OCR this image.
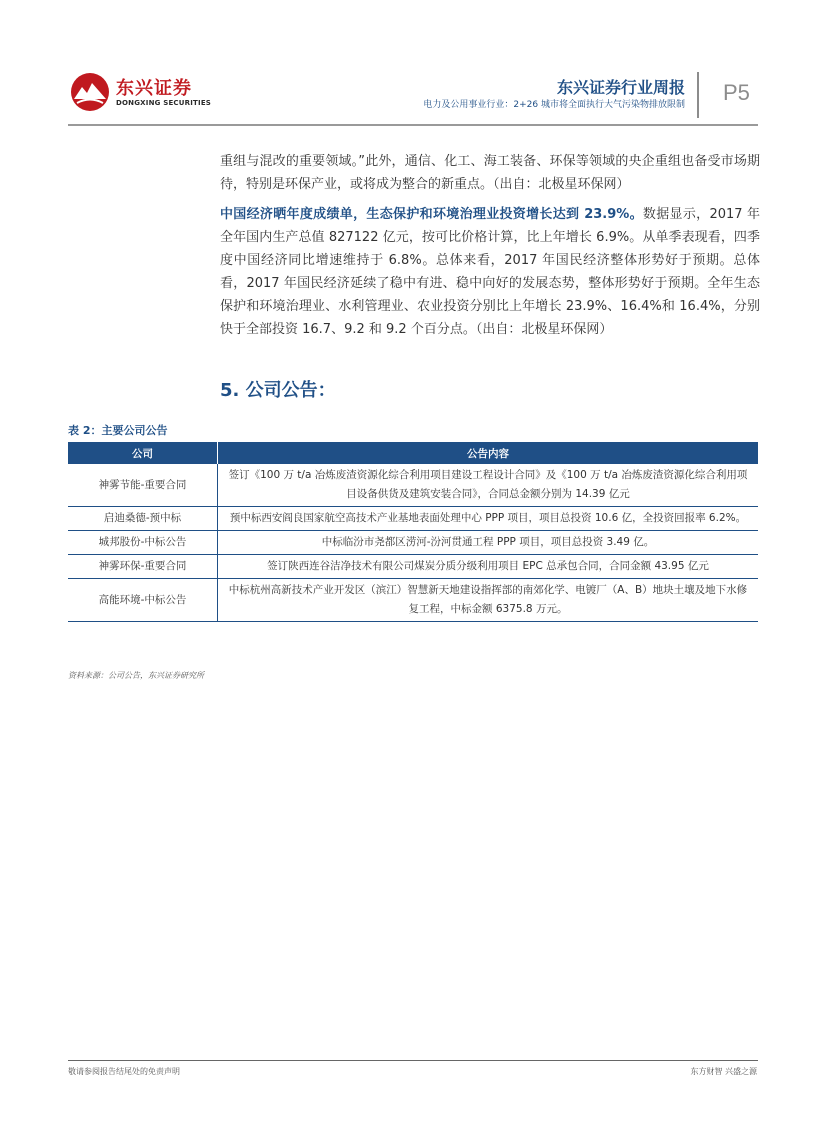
东兴证券
DONGXING SECURITIES
东兴证券行业周报
电力及公用事业行业：2+26 城市将全面执行大气污染物排放限制 P5
重组与混改的重要领域。”此外，通信、化工、海工装备、环保等领域的央企重组也备受市场期待，特别是环保产业，或将成为整合的新重点。（出自：北极星环保网）
中国经济晒年度成绩单，生态保护和环境治理业投资增长达到 23.9%。数据显示，2017 年全年国内生产总值 827122 亿元，按可比价格计算，比上年增长 6.9%。从单季表现看，四季度中国经济同比增速维持于 6.8%。总体来看，2017 年国民经济整体形势好于预期。总体看，2017 年国民经济延续了稳中有进、稳中向好的发展态势，整体形势好于预期。全年生态保护和环境治理业、水利管理业、农业投资分别比上年增长 23.9%、16.4%和 16.4%，分别快于全部投资 16.7、9.2 和 9.2 个百分点。（出自：北极星环保网）
5. 公司公告：
表 2：主要公司公告
公司	公告内容
神雾节能-重要合同	签订《100 万 t/a 冶炼废渣资源化综合利用项目建设工程设计合同》及《100 万 t/a 冶炼废渣资源化综合利用项目设备供货及建筑安装合同》，合同总金额分别为 14.39 亿元
启迪桑德-预中标	预中标西安阎良国家航空高技术产业基地表面处理中心 PPP 项目，项目总投资 10.6 亿，全投资回报率 6.2%。
城邦股份-中标公告	中标临汾市尧都区涝河-汾河贯通工程 PPP 项目，项目总投资 3.49 亿。
神雾环保-重要合同	签订陕西连谷洁净技术有限公司煤炭分质分级利用项目 EPC 总承包合同，合同金额 43.95 亿元
高能环境-中标公告	中标杭州高新技术产业开发区（滨江）智慧新天地建设指挥部的南郊化学、电镀厂（A、B）地块土壤及地下水修复工程，中标金额 6375.8 万元。
资料来源：公司公告，东兴证券研究所
敬请参阅报告结尾处的免责声明	东方财智 兴盛之源
